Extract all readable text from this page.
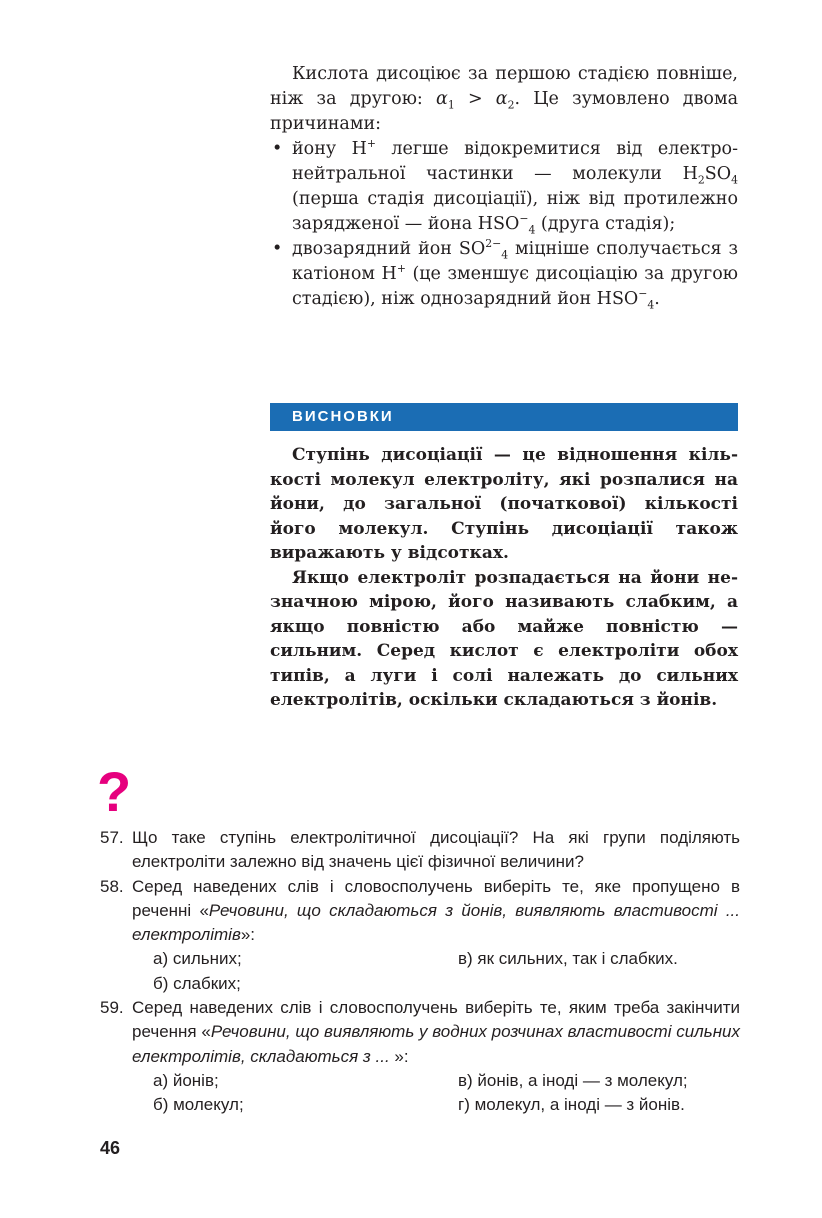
Кислота дисоціює за першою стадією повніше, ніж за другою: $\alpha_1 > \alpha_2$. Це зумовлено двома причинами:

• йону H+ легше відокремитися від електронейтральної частинки — молекули $H_2SO_4$ (перша стадія дисоціації), ніж від протилежно зарядженої — йона $HSO^-_4$ (друга стадія);
• двозарядний йон $SO^{2-}_4$ міцніше сполучається з катіоном H+ (це зменшує дисоціацію за другою стадією), ніж однозарядний йон $HSO^-_4$.
ВИСНОВКИ

Ступінь дисоціації — це відношення кількості молекул електроліту, які розпалися на йони, до загальної (початкової) кількості його молекул. Ступінь дисоціації також виражають у відсотках.

Якщо електроліт розпадається на йони незначною мірою, його називають слабким, а якщо повністю або майже повністю — сильним. Серед кислот є електроліти обох типів, а луги і солі належать до сильних електролітів, оскільки складаються з йонів.

?
57. Що таке ступінь електролітичної дисоціації? На які групи поділяють електроліти залежно від значень цієї фізичної величини?
58. Серед наведених слів і словосполучень виберіть те, яке пропущено в реченні «Речовини, що складаються з йонів, виявляють властивості ... електролітів»:
а) сильних;	в) як сильних, так і слабких.
б) слабких;
59. Серед наведених слів і словосполучень виберіть те, яким треба закінчити речення «Речовини, що виявляють у водних розчинах властивості сильних електролітів, складаються з ... »:
а) йонів;	в) йонів, а іноді — з молекул;
б) молекул;	г) молекул, а іноді — з йонів.
46
